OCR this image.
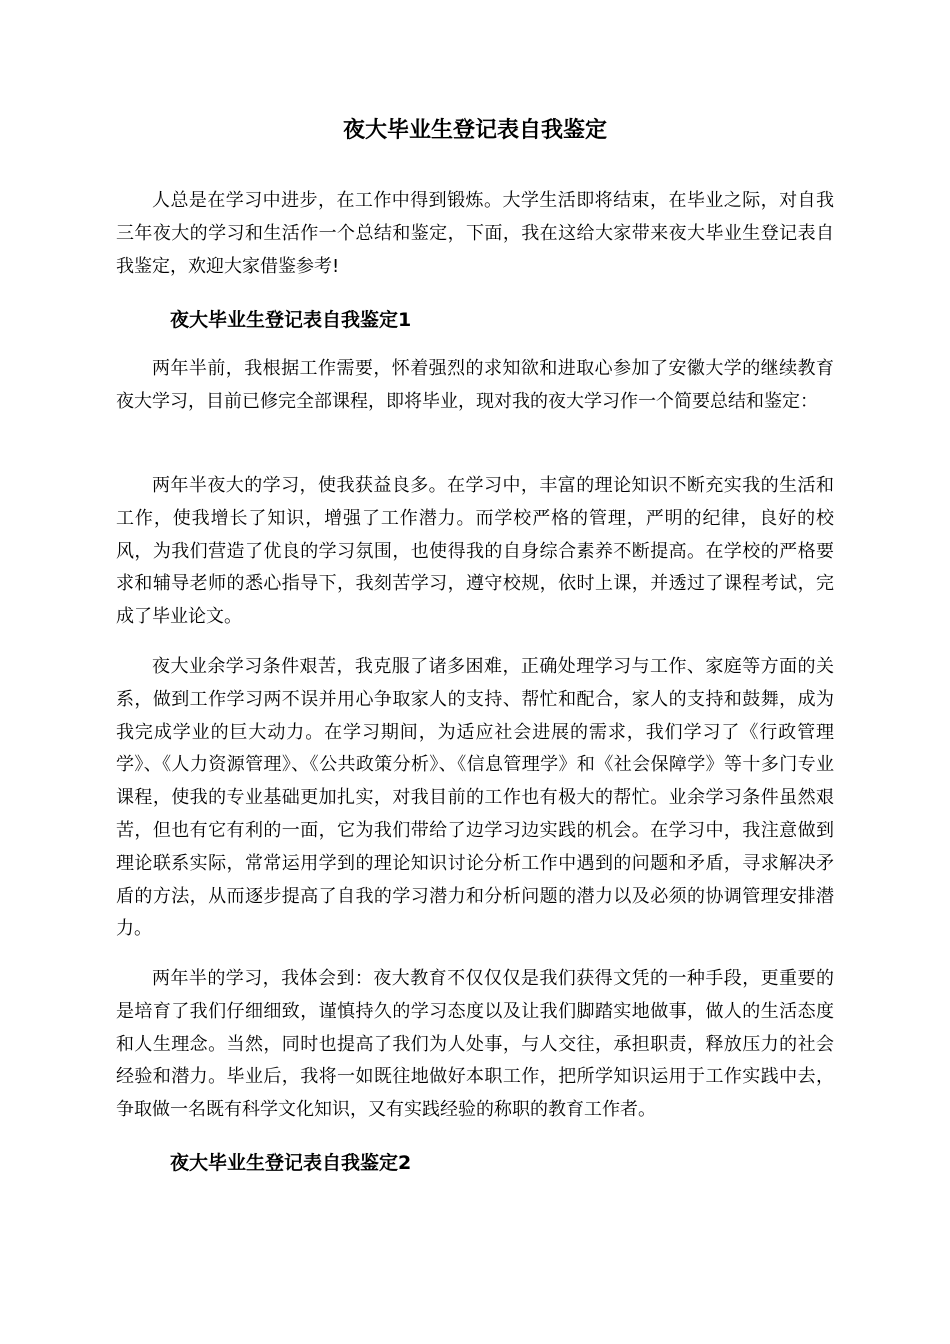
夜大毕业生登记表自我鉴定

人总是在学习中进步，在工作中得到锻炼。大学生活即将结束，在毕业之际，对自我三年夜大的学习和生活作一个总结和鉴定，下面，我在这给大家带来夜大毕业生登记表自我鉴定，欢迎大家借鉴参考!

夜大毕业生登记表自我鉴定1

两年半前，我根据工作需要，怀着强烈的求知欲和进取心参加了安徽大学的继续教育夜大学习，目前已修完全部课程，即将毕业，现对我的夜大学习作一个简要总结和鉴定：

两年半夜大的学习，使我获益良多。在学习中，丰富的理论知识不断充实我的生活和工作，使我增长了知识，增强了工作潜力。而学校严格的管理，严明的纪律，良好的校风，为我们营造了优良的学习氛围，也使得我的自身综合素养不断提高。在学校的严格要求和辅导老师的悉心指导下，我刻苦学习，遵守校规，依时上课，并透过了课程考试，完成了毕业论文。

夜大业余学习条件艰苦，我克服了诸多困难，正确处理学习与工作、家庭等方面的关系，做到工作学习两不误并用心争取家人的支持、帮忙和配合，家人的支持和鼓舞，成为我完成学业的巨大动力。在学习期间，为适应社会进展的需求，我们学习了《行政管理学》、《人力资源管理》、《公共政策分析》、《信息管理学》和《社会保障学》等十多门专业课程，使我的专业基础更加扎实，对我目前的工作也有极大的帮忙。业余学习条件虽然艰苦，但也有它有利的一面，它为我们带给了边学习边实践的机会。在学习中，我注意做到理论联系实际，常常运用学到的理论知识讨论分析工作中遇到的问题和矛盾，寻求解决矛盾的方法，从而逐步提高了自我的学习潜力和分析问题的潜力以及必须的协调管理安排潜力。

两年半的学习，我体会到：夜大教育不仅仅仅是我们获得文凭的一种手段，更重要的是培育了我们仔细细致，谨慎持久的学习态度以及让我们脚踏实地做事，做人的生活态度和人生理念。当然，同时也提高了我们为人处事，与人交往，承担职责，释放压力的社会经验和潜力。毕业后，我将一如既往地做好本职工作，把所学知识运用于工作实践中去，争取做一名既有科学文化知识，又有实践经验的称职的教育工作者。

夜大毕业生登记表自我鉴定2
